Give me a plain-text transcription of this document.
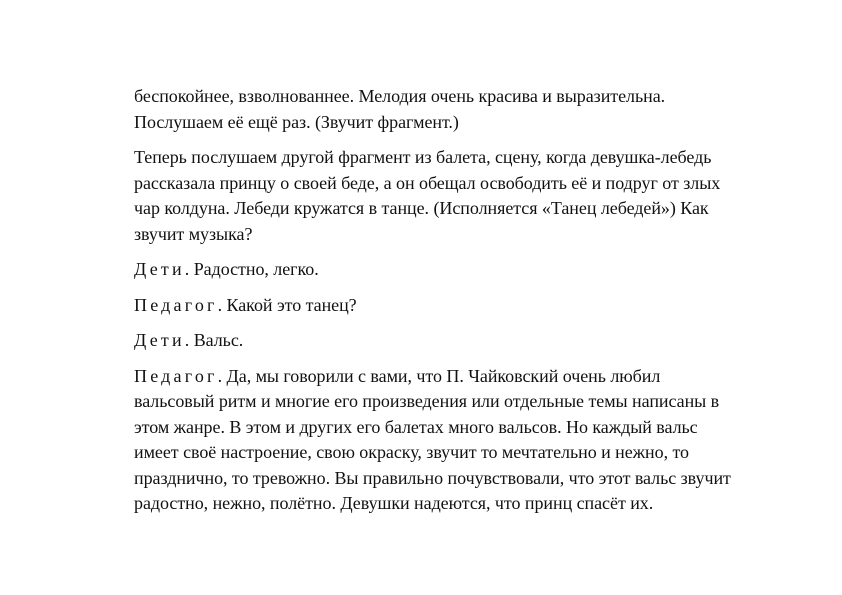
беспокойнее, взволнованнее. Мелодия очень красива и выразительна.
Послушаем её ещё раз. (Звучит фрагмент.)

Теперь послушаем другой фрагмент из балета, сцену, когда девушка-лебедь
рассказала принцу о своей беде, а он обещал освободить её и подруг от злых
чар колдуна. Лебеди кружатся в танце. (Исполняется «Танец лебедей») Как
звучит музыка?

Дети. Радостно, легко.

Педагог. Какой это танец?

Дети. Вальс.

Педагог. Да, мы говорили с вами, что П. Чайковский очень любил
вальсовый ритм и многие его произведения или отдельные темы написаны в
этом жанре. В этом и других его балетах много вальсов. Но каждый вальс
имеет своё настроение, свою окраску, звучит то мечтательно и нежно, то
празднично, то тревожно. Вы правильно почувствовали, что этот вальс звучит
радостно, нежно, полётно. Девушки надеются, что принц спасёт их.
